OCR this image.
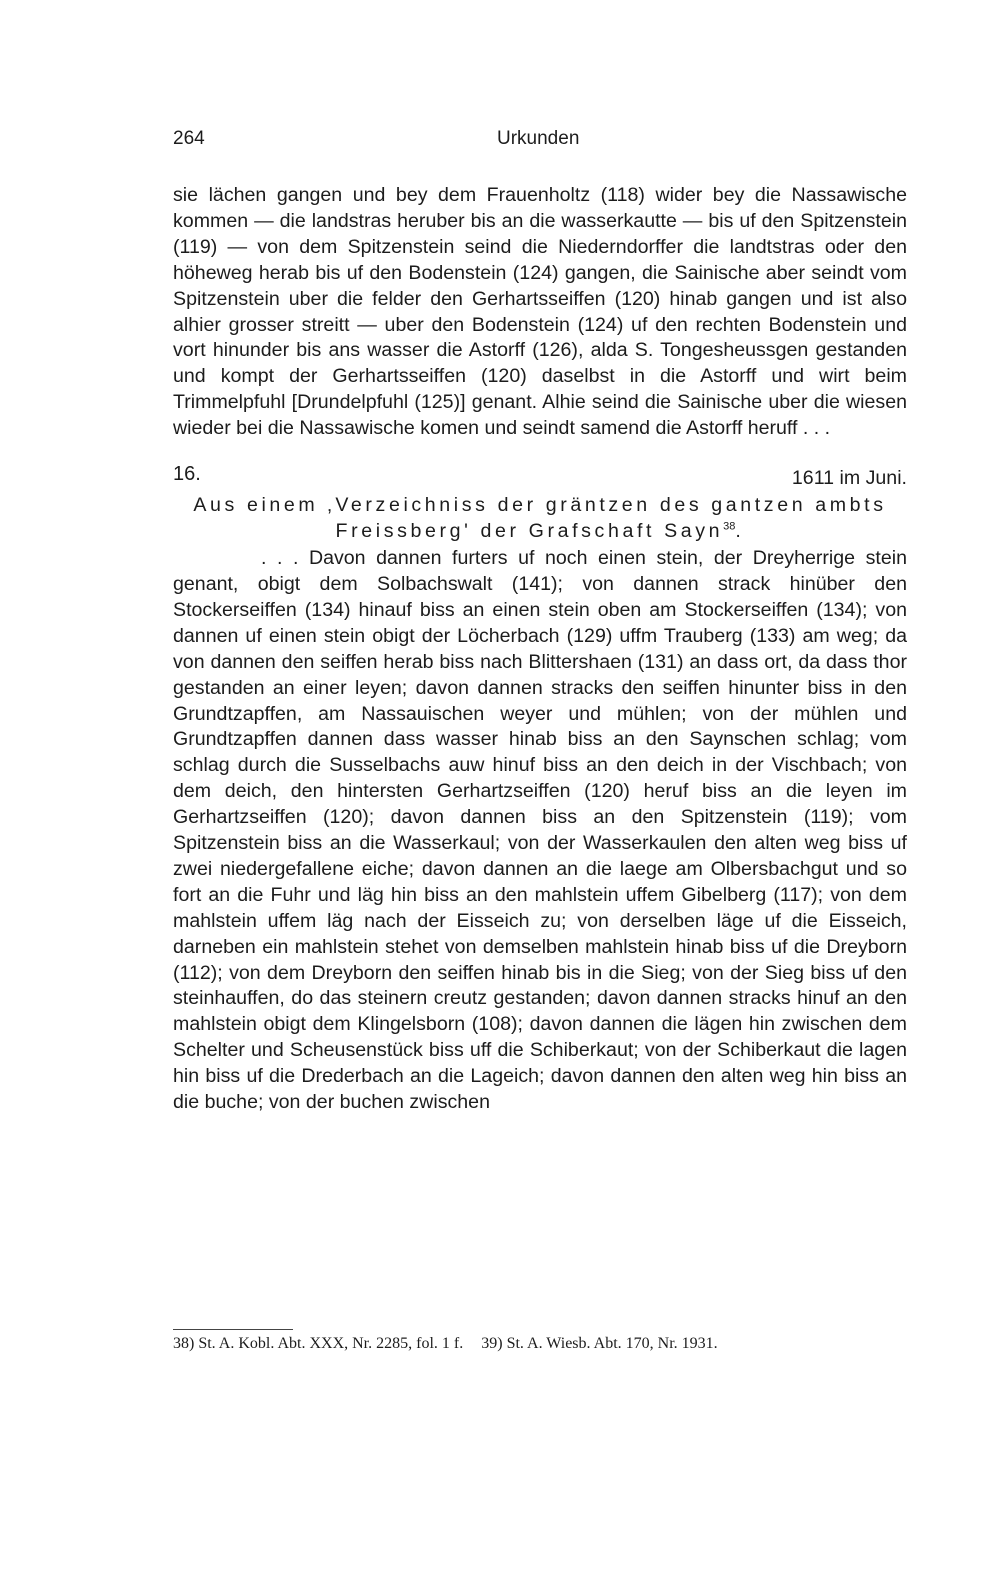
264	Urkunden

sie lächen gangen und bey dem Frauenholtz (118) wider bey die Nassawische kommen — die landstras heruber bis an die wasserkautte — bis uf den Spitzenstein (119) — von dem Spitzenstein seind die Niederndorffer die landtstras oder den höheweg herab bis uf den Bodenstein (124) gangen, die Sainische aber seindt vom Spitzenstein uber die felder den Gerhartsseiffen (120) hinab gangen und ist also alhier grosser streitt — uber den Bodenstein (124) uf den rechten Bodenstein und vort hinunder bis ans wasser die Astorff (126), alda S. Tongesheussgen gestanden und kompt der Gerhartsseiffen (120) daselbst in die Astorff und wirt beim Trimmelpfuhl [Drundelpfuhl (125)] genant. Alhie seind die Sainische uber die wiesen wieder bei die Nassawische komen und seindt samend die Astorff heruff . . .

16.	1611 im Juni.

Aus einem ‚Verzeichniss der gräntzen des gantzen ambts Freissberg' der Grafschaft Sayn$^{38}$.

. . . Davon dannen furters uf noch einen stein, der Dreyherrige stein genant, obigt dem Solbachswalt (141); von dannen strack hinüber den Stockerseiffen (134) hinauf biss an einen stein oben am Stockerseiffen (134); von dannen uf einen stein obigt der Löcherbach (129) uffm Trauberg (133) am weg; da von dannen den seiffen herab biss nach Blittershaen (131) an dass ort, da dass thor gestanden an einer leyen; davon dannen stracks den seiffen hinunter biss in den Grundtzapffen, am Nassauischen weyer und mühlen; von der mühlen und Grundtzapffen dannen dass wasser hinab biss an den Saynschen schlag; vom schlag durch die Susselbachs auw hinuf biss an den deich in der Vischbach; von dem deich, den hintersten Gerhartzseiffen (120) heruf biss an die leyen im Gerhartzseiffen (120); davon dannen biss an den Spitzenstein (119); vom Spitzenstein biss an die Wasserkaul; von der Wasserkaulen den alten weg biss uf zwei niedergefallene eiche; davon dannen an die laege am Olbersbachgut und so fort an die Fuhr und läg hin biss an den mahlstein uffem Gibelberg (117); von dem mahlstein uffem läg nach der Eisseich zu; von derselben läge uf die Eisseich, darneben ein mahlstein stehet von demselben mahlstein hinab biss uf die Dreyborn (112); von dem Dreyborn den seiffen hinab bis in die Sieg; von der Sieg biss uf den steinhauffen, do das steinern creutz gestanden; davon dannen stracks hinuf an den mahlstein obigt dem Klingelsborn (108); davon dannen die lägen hin zwischen dem Schelter und Scheusenstück biss uff die Schiberkaut; von der Schiberkaut die lagen hin biss uf die Drederbach an die Lageich; davon dannen den alten weg hin biss an die buche; von der buchen zwischen

38) St. A. Kobl. Abt. XXX, Nr. 2285, fol. 1 f. 39) St. A. Wiesb. Abt. 170, Nr. 1931.
